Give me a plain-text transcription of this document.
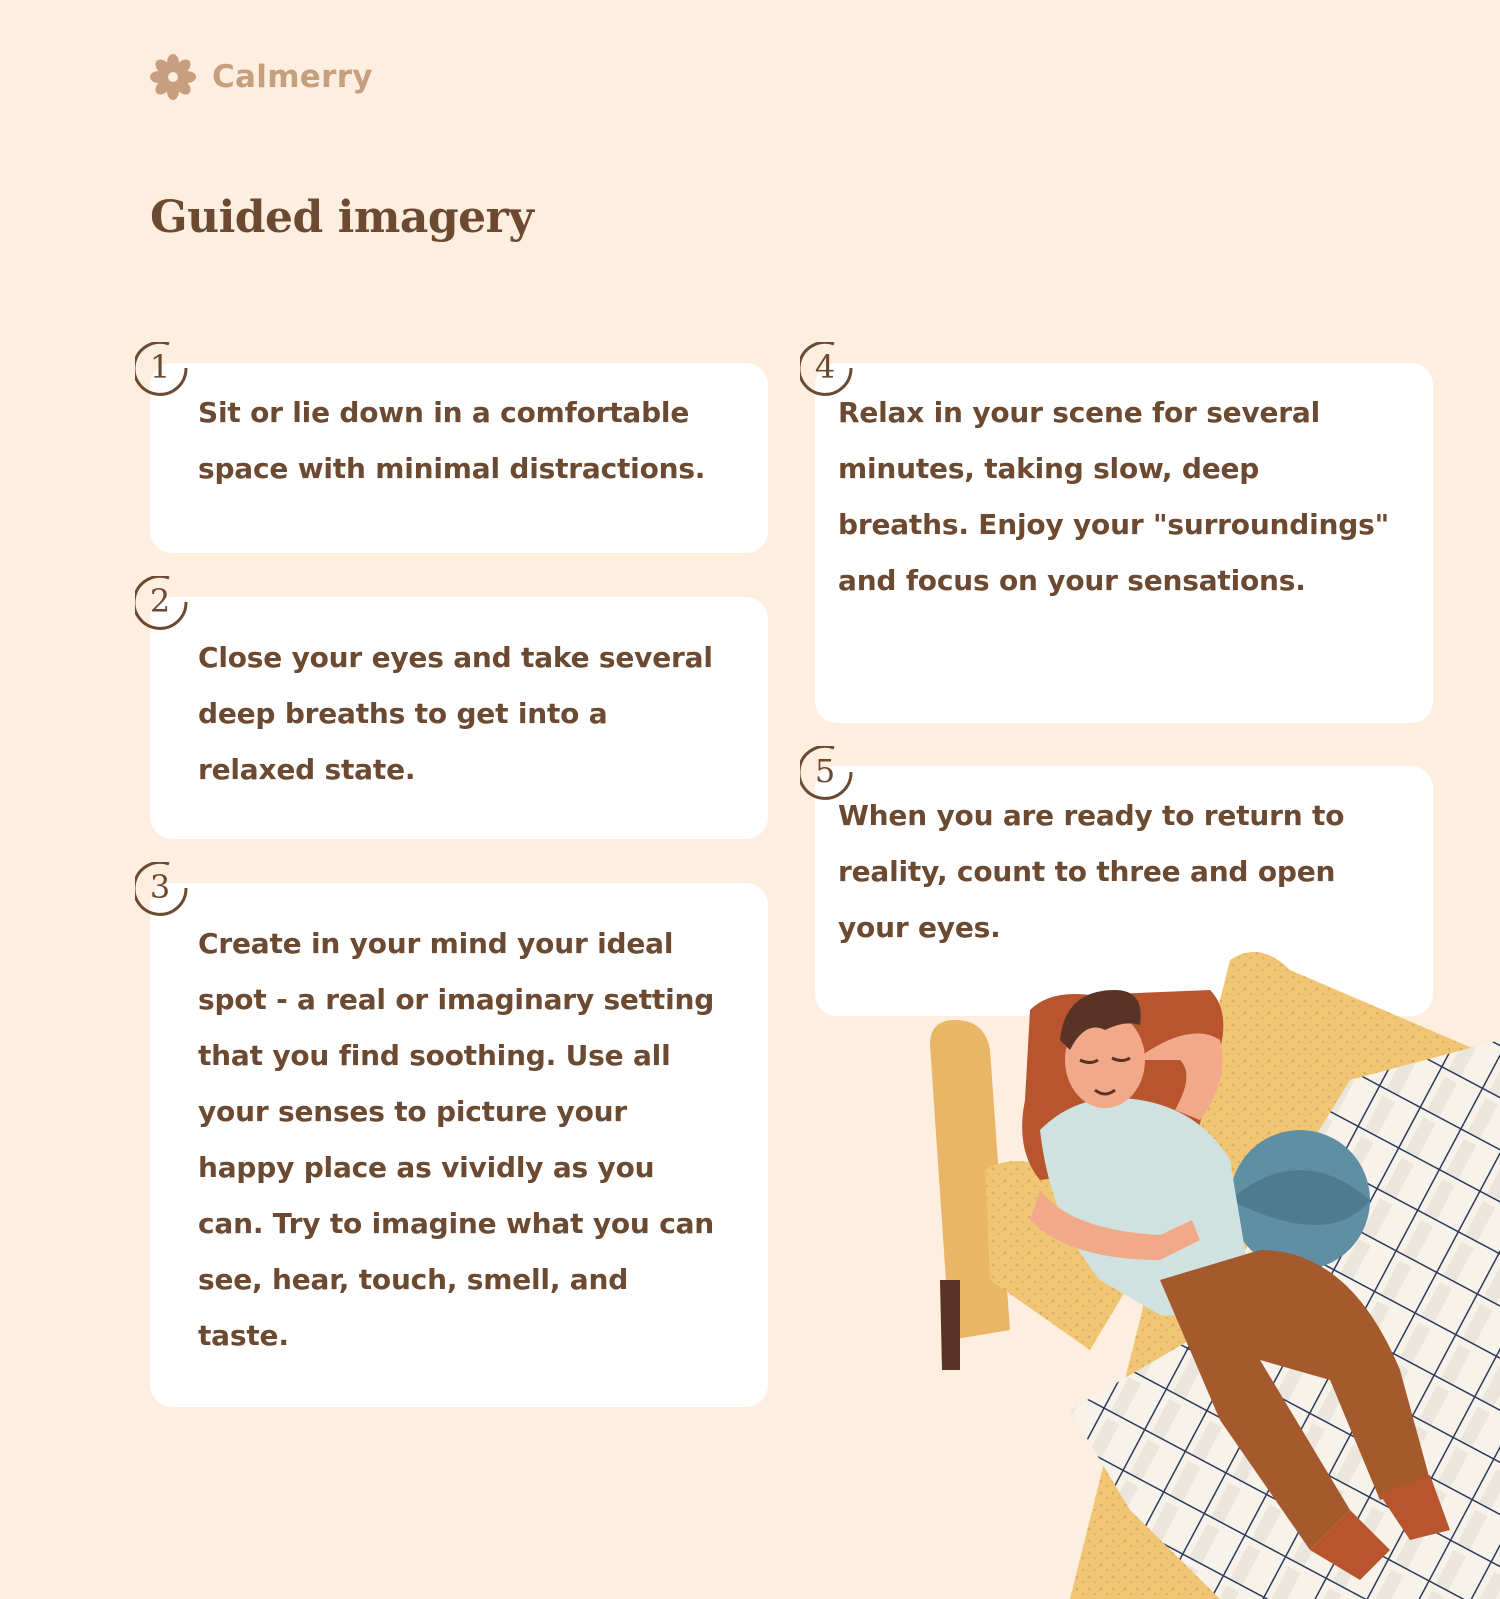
Calmerry
Guided imagery

Sit or lie down in a comfortable space with minimal distractions.

Close your eyes and take several deep breaths to get into a relaxed state.

Create in your mind your ideal spot - a real or imaginary setting that you find soothing. Use all your senses to picture your happy place as vividly as you can. Try to imagine what you can see, hear, touch, smell, and taste.

Relax in your scene for several minutes, taking slow, deep breaths. Enjoy your "surroundings" and focus on your sensations.

When you are ready to return to reality, count to three and open your eyes.

1
2
3
4
5
